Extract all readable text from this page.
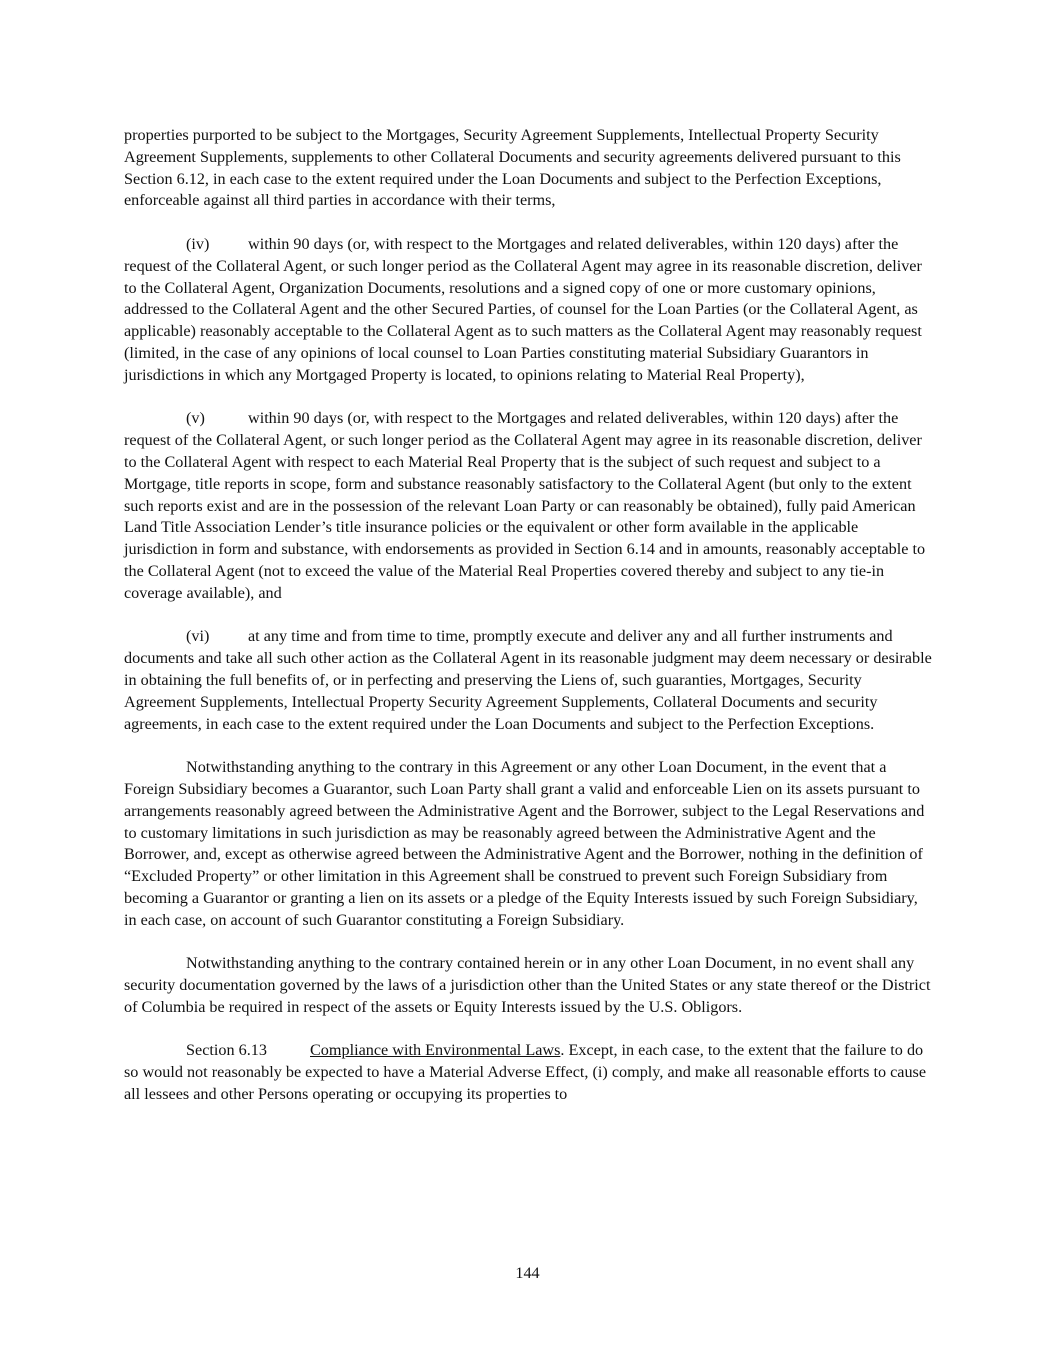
properties purported to be subject to the Mortgages, Security Agreement Supplements, Intellectual Property Security Agreement Supplements, supplements to other Collateral Documents and security agreements delivered pursuant to this Section 6.12, in each case to the extent required under the Loan Documents and subject to the Perfection Exceptions, enforceable against all third parties in accordance with their terms,

(iv) within 90 days (or, with respect to the Mortgages and related deliverables, within 120 days) after the request of the Collateral Agent, or such longer period as the Collateral Agent may agree in its reasonable discretion, deliver to the Collateral Agent, Organization Documents, resolutions and a signed copy of one or more customary opinions, addressed to the Collateral Agent and the other Secured Parties, of counsel for the Loan Parties (or the Collateral Agent, as applicable) reasonably acceptable to the Collateral Agent as to such matters as the Collateral Agent may reasonably request (limited, in the case of any opinions of local counsel to Loan Parties constituting material Subsidiary Guarantors in jurisdictions in which any Mortgaged Property is located, to opinions relating to Material Real Property),

(v)	within 90 days (or, with respect to the Mortgages and related deliverables, within 120 days) after the request of the Collateral Agent, or such longer period as the Collateral Agent may agree in its reasonable discretion, deliver to the Collateral Agent with respect to each Material Real Property that is the subject of such request and subject to a Mortgage, title reports in scope, form and substance reasonably satisfactory to the Collateral Agent (but only to the extent such reports exist and are in the possession of the relevant Loan Party or can reasonably be obtained), fully paid American Land Title Association Lender’s title insurance policies or the equivalent or other form available in the applicable jurisdiction in form and substance, with endorsements as provided in Section 6.14 and in amounts, reasonably acceptable to the Collateral Agent (not to exceed the value of the Material Real Properties covered thereby and subject to any tie-in coverage available), and

(vi) at any time and from time to time, promptly execute and deliver any and all further instruments and documents and take all such other action as the Collateral Agent in its reasonable judgment may deem necessary or desirable in obtaining the full benefits of, or in perfecting and preserving the Liens of, such guaranties, Mortgages, Security Agreement Supplements, Intellectual Property Security Agreement Supplements, Collateral Documents and security agreements, in each case to the extent required under the Loan Documents and subject to the Perfection Exceptions.

Notwithstanding anything to the contrary in this Agreement or any other Loan Document, in the event that a Foreign Subsidiary becomes a Guarantor, such Loan Party shall grant a valid and enforceable Lien on its assets pursuant to arrangements reasonably agreed between the Administrative Agent and the Borrower, subject to the Legal Reservations and to customary limitations in such jurisdiction as may be reasonably agreed between the Administrative Agent and the Borrower, and, except as otherwise agreed between the Administrative Agent and the Borrower, nothing in the definition of “Excluded Property” or other limitation in this Agreement shall be construed to prevent such Foreign Subsidiary from becoming a Guarantor or granting a lien on its assets or a pledge of the Equity Interests issued by such Foreign Subsidiary, in each case, on account of such Guarantor constituting a Foreign Subsidiary.

Notwithstanding anything to the contrary contained herein or in any other Loan Document, in no event shall any security documentation governed by the laws of a jurisdiction other than the United States or any state thereof or the District of Columbia be required in respect of the assets or Equity Interests issued by the U.S. Obligors.

Section 6.13	Compliance with Environmental Laws. Except, in each case, to the extent that the failure to do so would not reasonably be expected to have a Material Adverse Effect, (i) comply, and make all reasonable efforts to cause all lessees and other Persons operating or occupying its properties to

144
